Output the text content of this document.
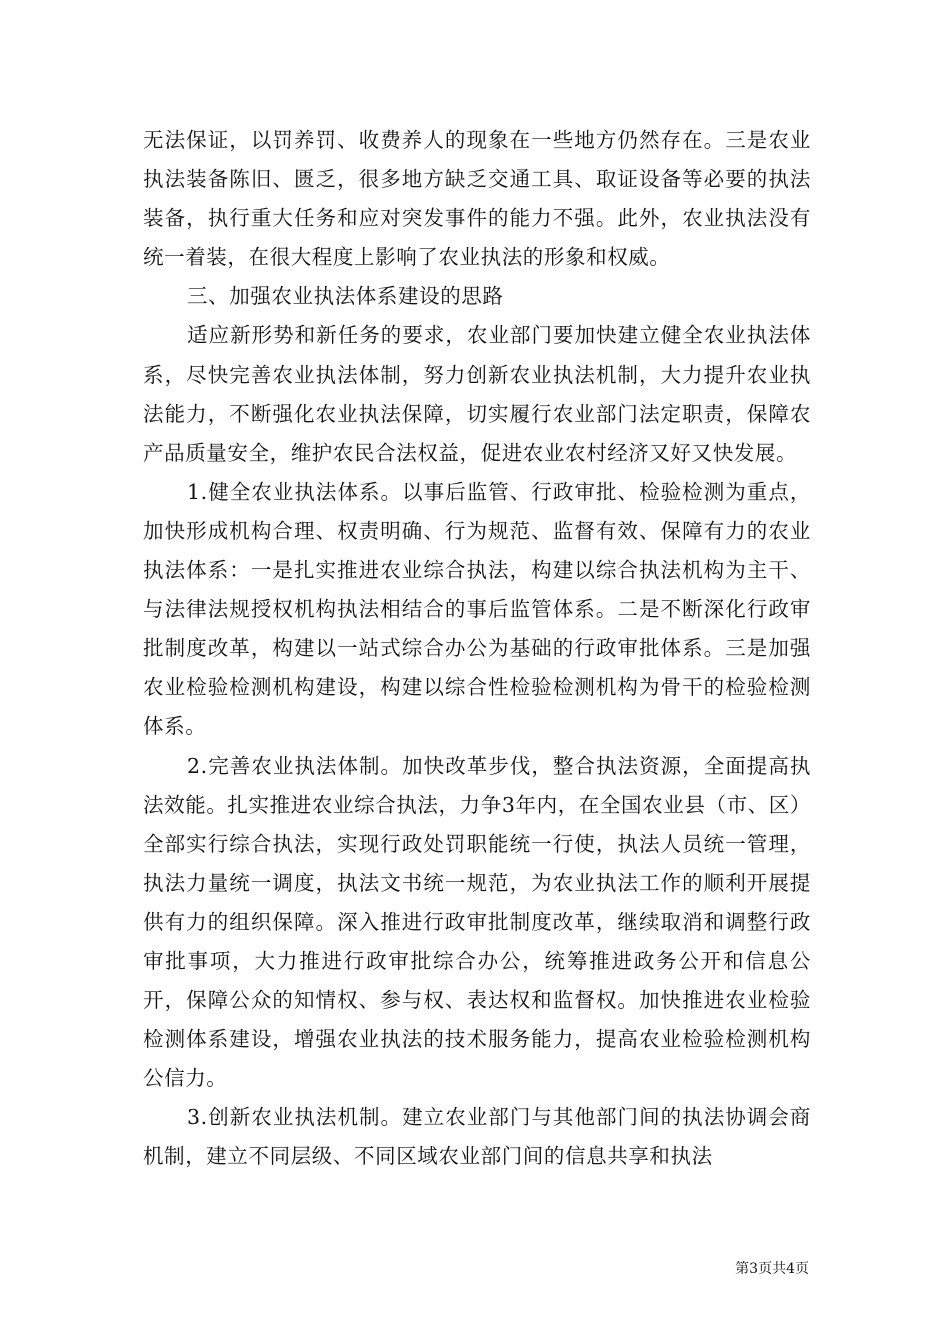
无法保证，以罚养罚、收费养人的现象在一些地方仍然存在。三是农业执法装备陈旧、匮乏，很多地方缺乏交通工具、取证设备等必要的执法装备，执行重大任务和应对突发事件的能力不强。此外，农业执法没有统一着装，在很大程度上影响了农业执法的形象和权威。

三、加强农业执法体系建设的思路

适应新形势和新任务的要求，农业部门要加快建立健全农业执法体系，尽快完善农业执法体制，努力创新农业执法机制，大力提升农业执法能力，不断强化农业执法保障，切实履行农业部门法定职责，保障农产品质量安全，维护农民合法权益，促进农业农村经济又好又快发展。

1.健全农业执法体系。以事后监管、行政审批、检验检测为重点，加快形成机构合理、权责明确、行为规范、监督有效、保障有力的农业执法体系：一是扎实推进农业综合执法，构建以综合执法机构为主干、与法律法规授权机构执法相结合的事后监管体系。二是不断深化行政审批制度改革，构建以一站式综合办公为基础的行政审批体系。三是加强农业检验检测机构建设，构建以综合性检验检测机构为骨干的检验检测体系。

2.完善农业执法体制。加快改革步伐，整合执法资源，全面提高执法效能。扎实推进农业综合执法，力争3年内，在全国农业县（市、区）全部实行综合执法，实现行政处罚职能统一行使，执法人员统一管理，执法力量统一调度，执法文书统一规范，为农业执法工作的顺利开展提供有力的组织保障。深入推进行政审批制度改革，继续取消和调整行政审批事项，大力推进行政审批综合办公，统筹推进政务公开和信息公开，保障公众的知情权、参与权、表达权和监督权。加快推进农业检验检测体系建设，增强农业执法的技术服务能力，提高农业检验检测机构公信力。

3.创新农业执法机制。建立农业部门与其他部门间的执法协调会商机制，建立不同层级、不同区域农业部门间的信息共享和执法

第3页共4页
